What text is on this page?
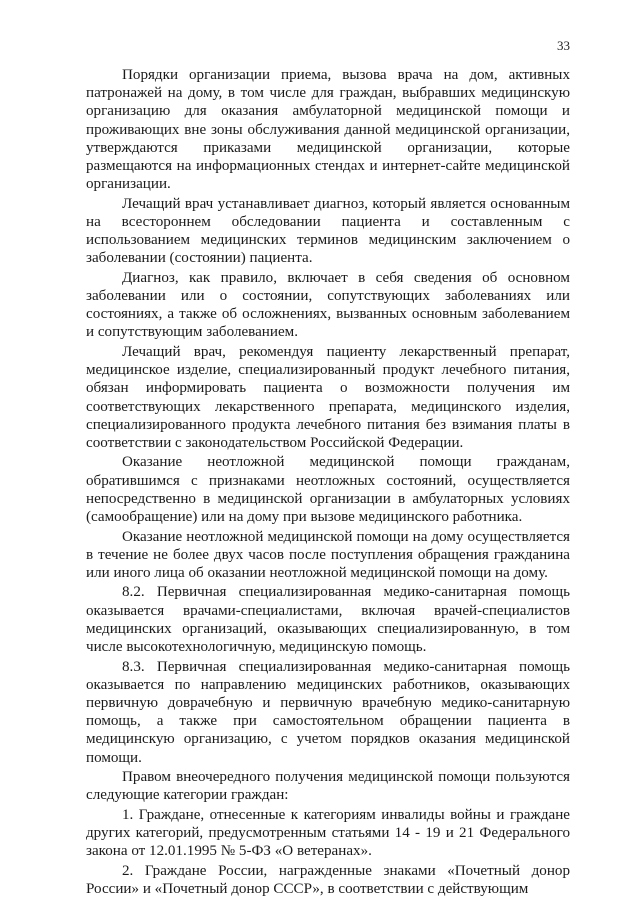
33

Порядки организации приема, вызова врача на дом, активных патронажей на дому, в том числе для граждан, выбравших медицинскую организацию для оказания амбулаторной медицинской помощи и проживающих вне зоны обслуживания данной медицинской организации, утверждаются приказами медицинской организации, которые размещаются на информационных стендах и интернет-сайте медицинской организации.

Лечащий врач устанавливает диагноз, который является основанным на всестороннем обследовании пациента и составленным с использованием медицинских терминов медицинским заключением о заболевании (состоянии) пациента.

Диагноз, как правило, включает в себя сведения об основном заболевании или о состоянии, сопутствующих заболеваниях или состояниях, а также об осложнениях, вызванных основным заболеванием и сопутствующим заболеванием.

Лечащий врач, рекомендуя пациенту лекарственный препарат, медицинское изделие, специализированный продукт лечебного питания, обязан информировать пациента о возможности получения им соответствующих лекарственного препарата, медицинского изделия, специализированного продукта лечебного питания без взимания платы в соответствии с законодательством Российской Федерации.

Оказание неотложной медицинской помощи гражданам, обратившимся с признаками неотложных состояний, осуществляется непосредственно в медицинской организации в амбулаторных условиях (самообращение) или на дому при вызове медицинского работника.

Оказание неотложной медицинской помощи на дому осуществляется в течение не более двух часов после поступления обращения гражданина или иного лица об оказании неотложной медицинской помощи на дому.

8.2. Первичная специализированная медико-санитарная помощь оказывается врачами-специалистами, включая врачей-специалистов медицинских организаций, оказывающих специализированную, в том числе высокотехнологичную, медицинскую помощь.

8.3. Первичная специализированная медико-санитарная помощь оказывается по направлению медицинских работников, оказывающих первичную доврачебную и первичную врачебную медико-санитарную помощь, а также при самостоятельном обращении пациента в медицинскую организацию, с учетом порядков оказания медицинской помощи.

Правом внеочередного получения медицинской помощи пользуются следующие категории граждан:

1. Граждане, отнесенные к категориям инвалиды войны и граждане других категорий, предусмотренным статьями 14 - 19 и 21 Федерального закона от 12.01.1995 № 5-ФЗ «О ветеранах».

2. Граждане России, награжденные знаками «Почетный донор России» и «Почетный донор СССР», в соответствии с действующим
